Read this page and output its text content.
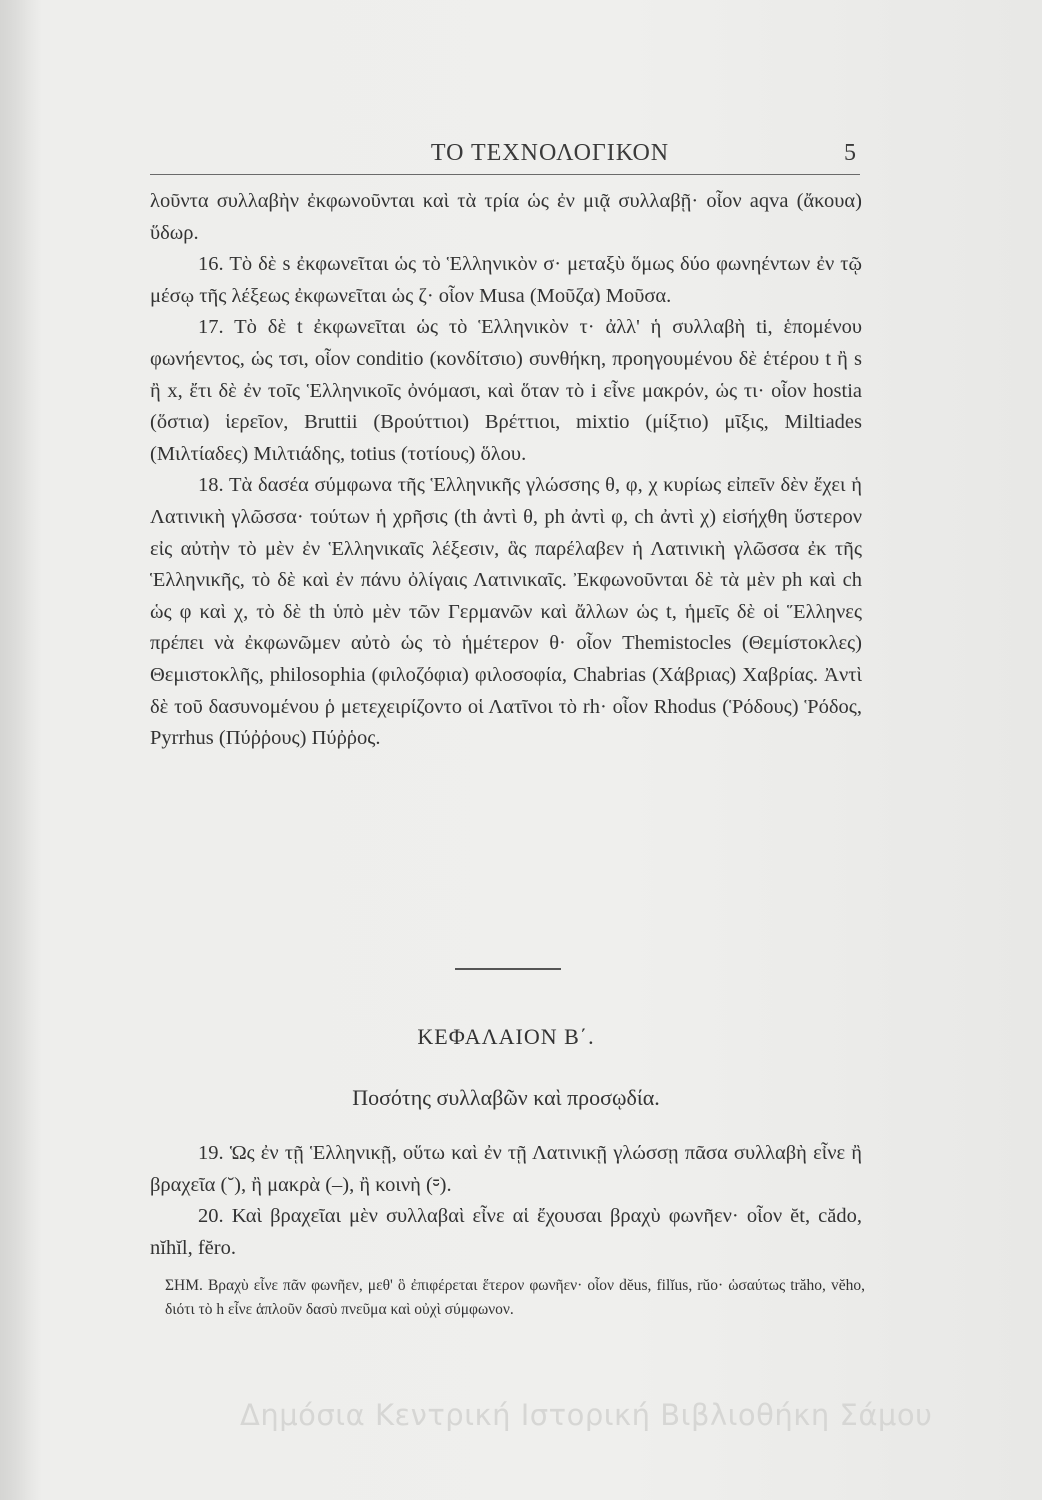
ΤΟ ΤΕΧΝΟΛΟΓΙΚΟΝ	5

λοῦντα συλλαβὴν ἐκφωνοῦνται καὶ τὰ τρία ὡς ἐν μιᾷ συλλαβῇ· οἷον aqva (ἄκουα) ὕδωρ.

16. Τὸ δὲ s ἐκφωνεῖται ὡς τὸ Ἑλληνικὸν σ· μεταξὺ ὅμως δύο φωνηέντων ἐν τῷ μέσῳ τῆς λέξεως ἐκφωνεῖται ὡς ζ· οἷον Musa (Μοῦζα) Μοῦσα.

17. Τὸ δὲ t ἐκφωνεῖται ὡς τὸ Ἑλληνικὸν τ· ἀλλ' ἡ συλλαβὴ ti, ἑπομένου φωνήεντος, ὡς τσι, οἷον conditio (κονδίτσιο) συνθήκη, προηγουμένου δὲ ἑτέρου t ἢ s ἢ x, ἔτι δὲ ἐν τοῖς Ἑλληνικοῖς ὀνόμασι, καὶ ὅταν τὸ i εἶνε μακρόν, ὡς τι· οἷον hostia (ὅστια) ἱερεῖον, Bruttii (Βρούττιοι) Βρέττιοι, mixtio (μίξτιο) μῖξις, Miltiades (Μιλτίαδες) Μιλτιάδης, totius (τοτίους) ὅλου.

18. Τὰ δασέα σύμφωνα τῆς Ἑλληνικῆς γλώσσης θ, φ, χ κυρίως εἰπεῖν δὲν ἔχει ἡ Λατινικὴ γλῶσσα· τούτων ἡ χρῆσις (th ἀντὶ θ, ph ἀντὶ φ, ch ἀντὶ χ) εἰσήχθη ὕστερον εἰς αὐτὴν τὸ μὲν ἐν Ἑλληνικαῖς λέξεσιν, ἃς παρέλαβεν ἡ Λατινικὴ γλῶσσα ἐκ τῆς Ἑλληνικῆς, τὸ δὲ καὶ ἐν πάνυ ὀλίγαις Λατινικαῖς. Ἐκφωνοῦνται δὲ τὰ μὲν ph καὶ ch ὡς φ καὶ χ, τὸ δὲ th ὑπὸ μὲν τῶν Γερμανῶν καὶ ἄλλων ὡς t, ἡμεῖς δὲ οἱ Ἕλληνες πρέπει νὰ ἐκφωνῶμεν αὐτὸ ὡς τὸ ἡμέτερον θ· οἷον Themistocles (Θεμίστοκλες) Θεμιστοκλῆς, philosophia (φιλοζόφια) φιλοσοφία, Chabrias (Χάβριας) Χαβρίας. Ἀντὶ δὲ τοῦ δασυνομένου ῥ μετεχειρίζοντο οἱ Λατῖνοι τὸ rh· οἷον Rhodus (Ῥόδους) Ῥόδος, Pyrrhus (Πύῤῥους) Πύῤῥος.

ΚΕΦΑΛΑΙΟΝ Β΄.
Ποσότης συλλαβῶν καὶ προσῳδία.

19. Ὡς ἐν τῇ Ἑλληνικῇ, οὕτω καὶ ἐν τῇ Λατινικῇ γλώσσῃ πᾶσα συλλαβὴ εἶνε ἢ βραχεῖα (˘), ἢ μακρὰ (‒), ἢ κοινὴ (⏒).

20. Καὶ βραχεῖαι μὲν συλλαβαὶ εἶνε αἱ ἔχουσαι βραχὺ φωνῆεν· οἷον ĕt, cădo, nĭhĭl, fĕro.

ΣΗΜ. Βραχὺ εἶνε πᾶν φωνῆεν, μεθ' ὃ ἐπιφέρεται ἕτερον φωνῆεν· οἷον dĕus, filĭus, rŭo· ὡσαύτως trăho, vĕho, διότι τὸ h εἶνε ἁπλοῦν δασὺ πνεῦμα καὶ οὐχὶ σύμφωνον.
Δημόσια Κεντρική Ιστορική Βιβλιοθήκη Σάμου
